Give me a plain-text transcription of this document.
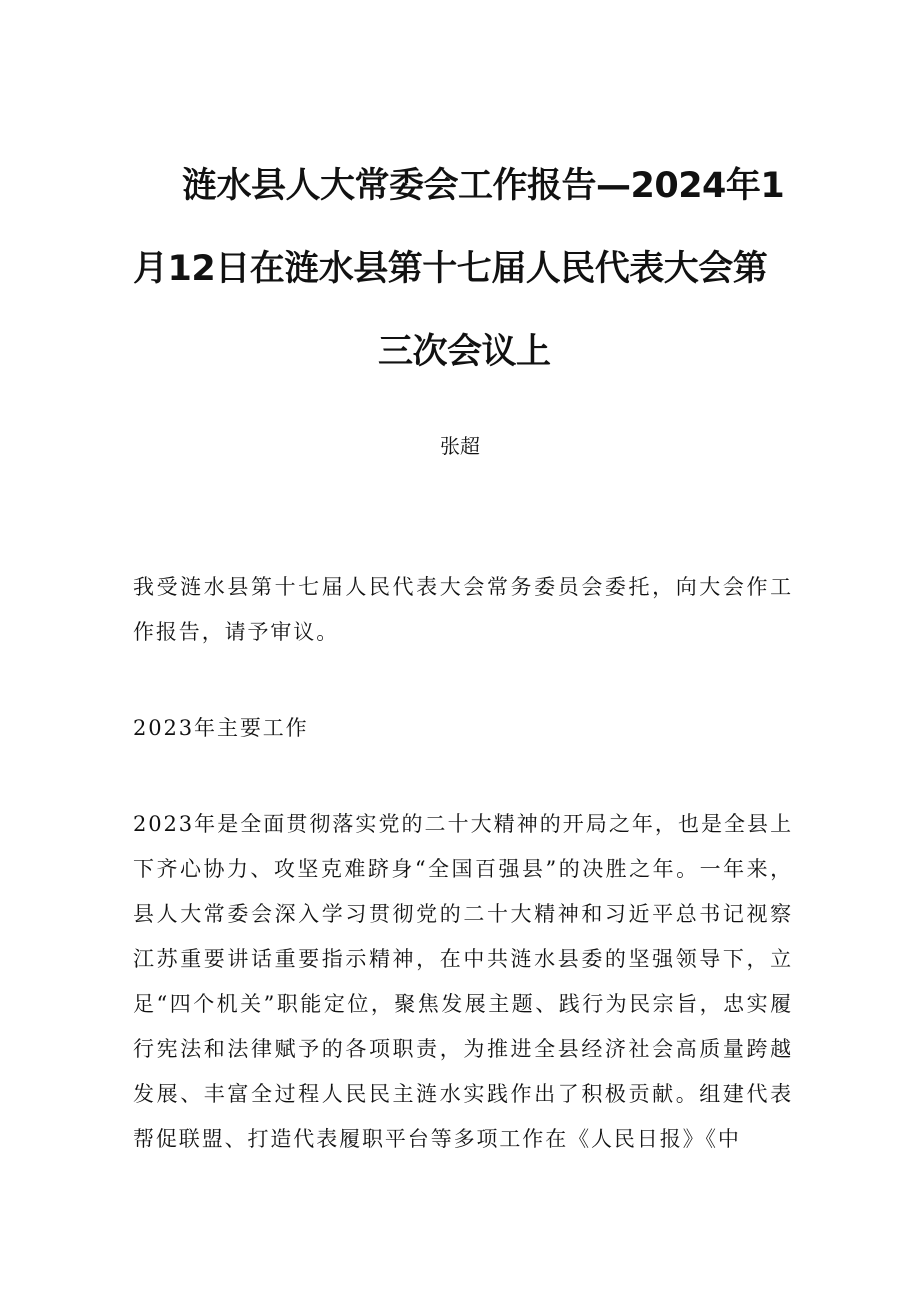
涟水县人大常委会工作报告—2024年1
月12日在涟水县第十七届人民代表大会第
三次会议上
张超

我受涟水县第十七届人民代表大会常务委员会委托，向大会作工作报告，请予审议。

2023年主要工作

2023年是全面贯彻落实党的二十大精神的开局之年，也是全县上下齐心协力、攻坚克难跻身“全国百强县”的决胜之年。一年来，县人大常委会深入学习贯彻党的二十大精神和习近平总书记视察江苏重要讲话重要指示精神，在中共涟水县委的坚强领导下，立足“四个机关”职能定位，聚焦发展主题、践行为民宗旨，忠实履行宪法和法律赋予的各项职责，为推进全县经济社会高质量跨越发展、丰富全过程人民民主涟水实践作出了积极贡献。组建代表帮促联盟、打造代表履职平台等多项工作在《人民日报》《中
